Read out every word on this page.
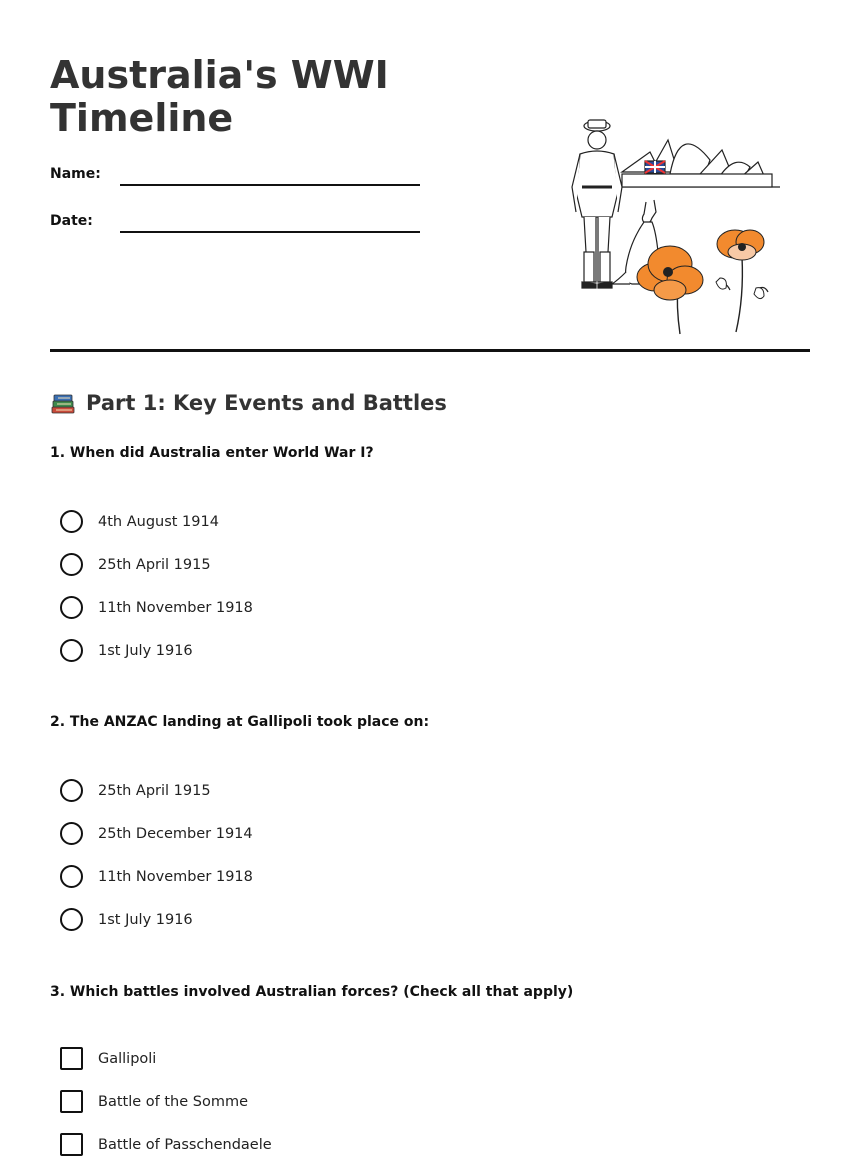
Australia's WWI
Timeline
Name:
Date:
Part 1: Key Events and Battles
1. When did Australia enter World War I?
4th August 1914
25th April 1915
11th November 1918
1st July 1916
2. The ANZAC landing at Gallipoli took place on:
25th April 1915
25th December 1914
11th November 1918
1st July 1916
3. Which battles involved Australian forces? (Check all that apply)
Gallipoli
Battle of the Somme
Battle of Passchendaele
